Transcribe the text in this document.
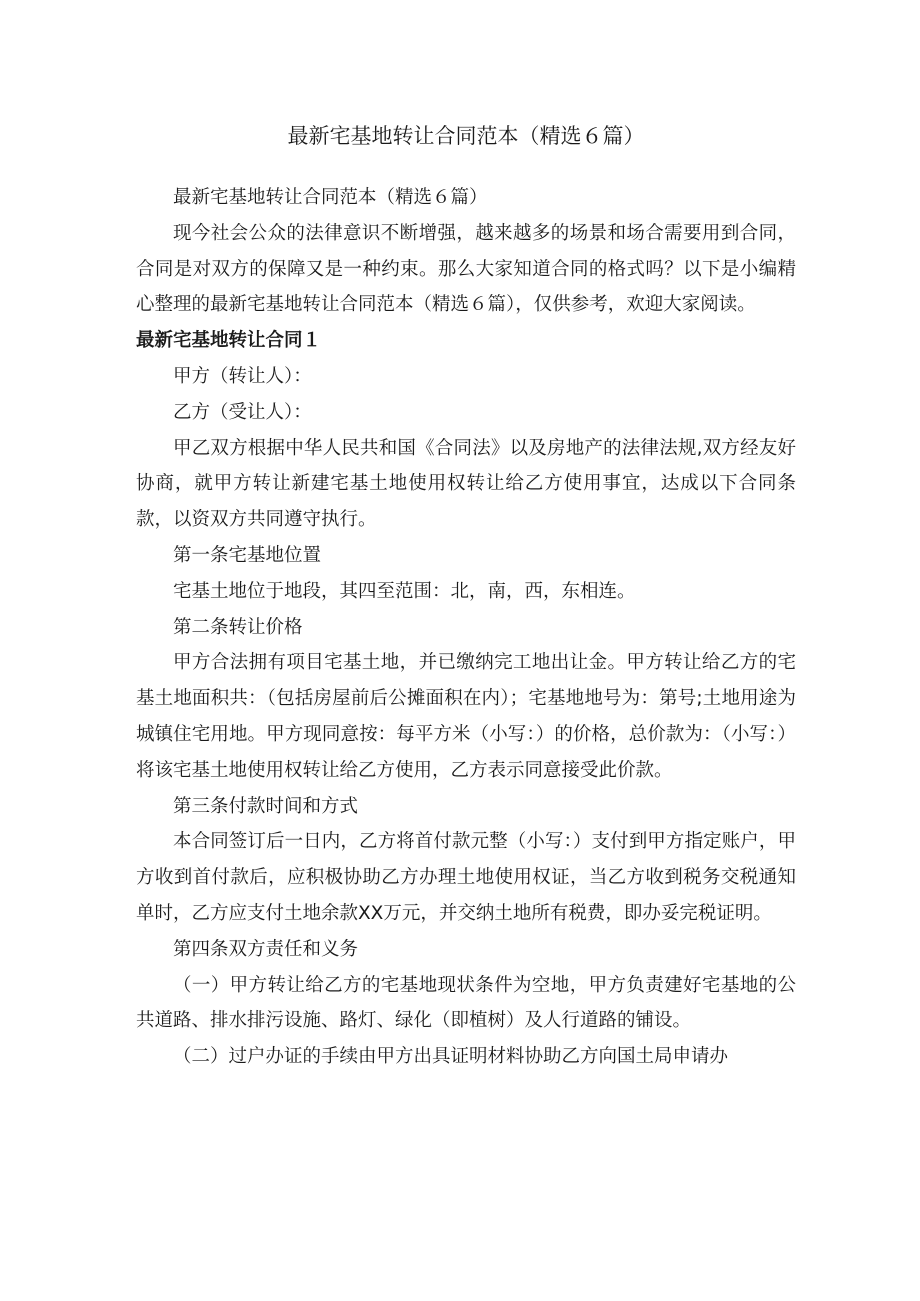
最新宅基地转让合同范本（精选６篇）

最新宅基地转让合同范本（精选６篇）

现今社会公众的法律意识不断增强，越来越多的场景和场合需要用到合同，合同是对双方的保障又是一种约束。那么大家知道合同的格式吗？以下是小编精心整理的最新宅基地转让合同范本（精选６篇），仅供参考，欢迎大家阅读。

最新宅基地转让合同１

甲方（转让人）：

乙方（受让人）：

甲乙双方根据中华人民共和国《合同法》以及房地产的法律法规,双方经友好协商，就甲方转让新建宅基土地使用权转让给乙方使用事宜，达成以下合同条款，以资双方共同遵守执行。

第一条宅基地位置

宅基土地位于地段，其四至范围：北，南，西，东相连。

第二条转让价格

甲方合法拥有项目宅基土地，并已缴纳完工地出让金。甲方转让给乙方的宅基土地面积共：（包括房屋前后公摊面积在内）；宅基地地号为：第号;土地用途为城镇住宅用地。甲方现同意按：每平方米（小写：）的价格，总价款为：（小写：）将该宅基土地使用权转让给乙方使用，乙方表示同意接受此价款。

第三条付款时间和方式

本合同签订后一日内，乙方将首付款元整（小写：）支付到甲方指定账户，甲方收到首付款后，应积极协助乙方办理土地使用权证，当乙方收到税务交税通知单时，乙方应支付土地余款XX万元，并交纳土地所有税费，即办妥完税证明。

第四条双方责任和义务

（一）甲方转让给乙方的宅基地现状条件为空地，甲方负责建好宅基地的公共道路、排水排污设施、路灯、绿化（即植树）及人行道路的铺设。

（二）过户办证的手续由甲方出具证明材料协助乙方向国土局申请办
